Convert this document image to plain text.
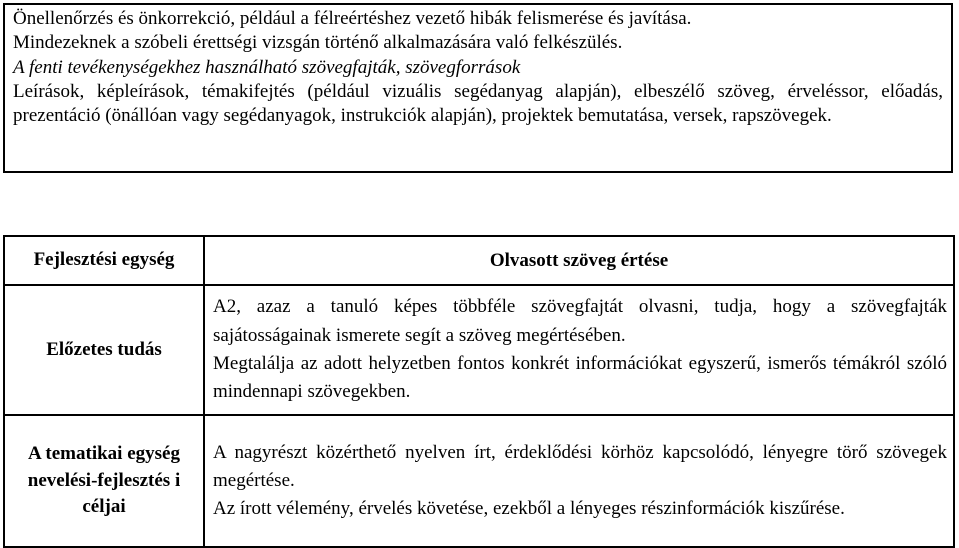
Önellenőrzés és önkorrekció, például a félreértéshez vezető hibák felismerése és javítása.
Mindezeknek a szóbeli érettségi vizsgán történő alkalmazására való felkészülés.
A fenti tevékenységekhez használható szövegfajták, szövegforrások
Leírások, képleírások, témakifejtés (például vizuális segédanyag alapján), elbeszélő szöveg, érveléssor, előadás, prezentáció (önállóan vagy segédanyagok, instrukciók alapján), projektek bemutatása, versek, rapszövegek.
Fejlesztési egység	Olvasott szöveg értése
Előzetes tudás	A2, azaz a tanuló képes többféle szövegfajtát olvasni, tudja, hogy a szövegfajták sajátosságainak ismerete segít a szöveg megértésében.

Megtalálja az adott helyzetben fontos konkrét információkat egyszerű, ismerős témákról szóló mindennapi szövegekben.

A tematikai egység nevelési-fejlesztés i céljai	A nagyrészt közérthető nyelven írt, érdeklődési körhöz kapcsolódó, lényegre törő szövegek megértése.

Az írott vélemény, érvelés követése, ezekből a lényeges részinformációk kiszűrése.
